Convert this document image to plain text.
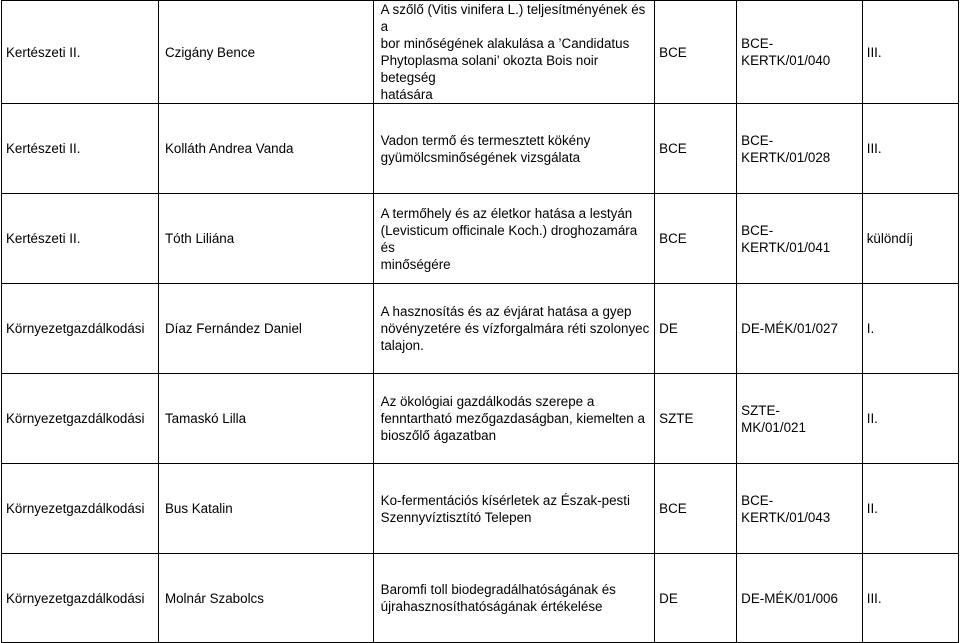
Kertészeti II.	Czigány Bence	A szőlő (Vitis vinifera L.) teljesítményének és a
bor minőségének alakulása a ’Candidatus
Phytoplasma solani’ okozta Bois noir betegség
hatására	BCE	BCE-
KERTK/01/040	III.
Kertészeti II.	Kolláth Andrea Vanda	Vadon termő és termesztett kökény
gyümölcsminőségének vizsgálata	BCE	BCE-
KERTK/01/028	III.
Kertészeti II.	Tóth Liliána	A termőhely és az életkor hatása a lestyán
(Levisticum officinale Koch.) droghozamára és
minőségére	BCE	BCE-
KERTK/01/041	különdíj
Környezetgazdálkodási	Díaz Fernández Daniel	A hasznosítás és az évjárat hatása a gyep
növényzetére és vízforgalmára réti szolonyec
talajon.	DE	DE-MÉK/01/027	I.
Környezetgazdálkodási	Tamaskó Lilla	Az ökológiai gazdálkodás szerepe a
fenntartható mezőgazdaságban, kiemelten a
bioszőlő ágazatban	SZTE	SZTE-
MK/01/021	II.
Környezetgazdálkodási	Bus Katalin	Ko-fermentációs kísérletek az Észak-pesti
Szennyvíztisztító Telepen	BCE	BCE-
KERTK/01/043	II.
Környezetgazdálkodási	Molnár Szabolcs	Baromfi toll biodegradálhatóságának és
újrahasznosíthatóságának értékelése	DE	DE-MÉK/01/006	III.
